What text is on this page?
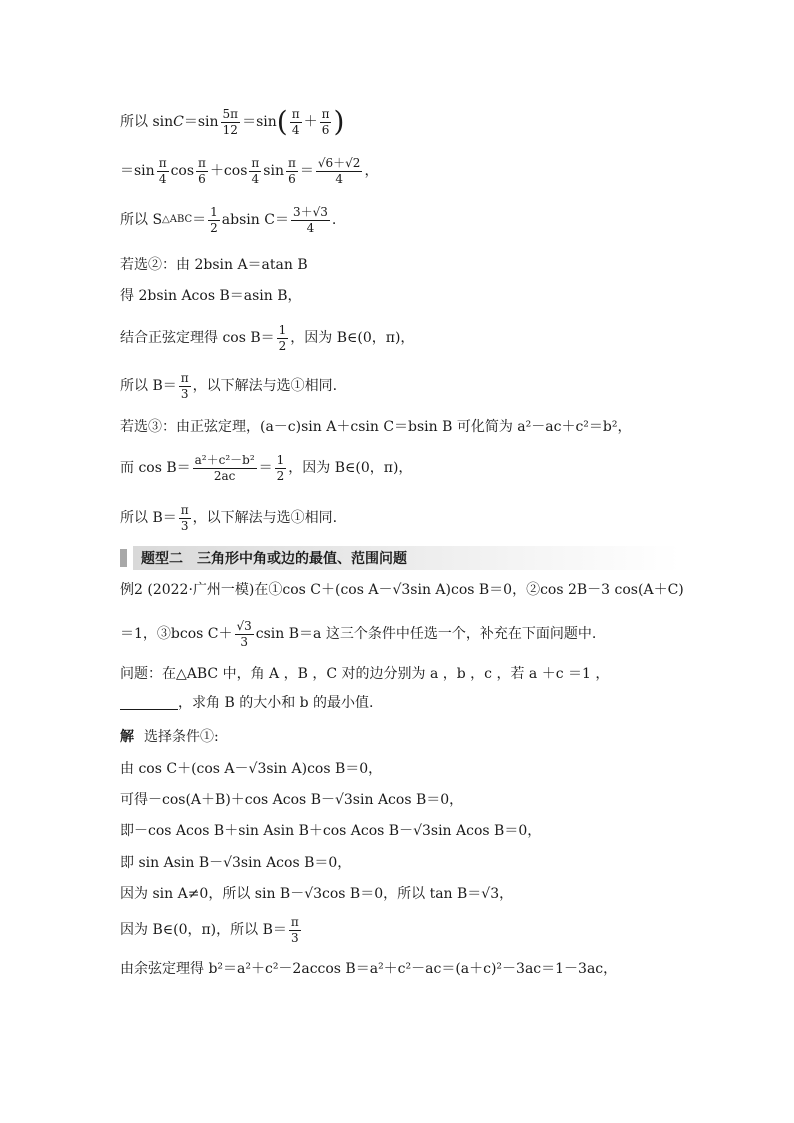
所以 $\sin C =\sin \frac{5\pi}{12} =\sin$ ( $\frac{\pi}{4} + \frac{\pi}{6}$ )
$=\sin \frac{\pi}{4}$ $\cos \frac{\pi}{6} +\cos \frac{\pi}{4}$ $\sin \frac{\pi}{6} = \frac{√6+√2}{4}$ ，
所以 S △ABC ＝ $\frac{1}{2}$ absin $C= \frac{3+√3}{4}$ .
若选②：由 2bsin A＝atan B
得 2bsin Acos B＝asin B，
结合正弦定理得 $\cos B= \frac{1}{2}$ ，因为 B∈(0，π)，
所以 $B= \frac{\pi}{3}$ ，以下解法与选①相同.
若选③：由正弦定理，(a－c)sin A＋csin C＝bsin B 可化简为 a²－ac＋c²＝b²，
而 $\cos B= \frac{\text{a²＋c²－b²}}{2ac} = \frac{1}{2}$ ，因为 B∈(0，π)，
所以 $B= \frac{\pi}{3}$ ，以下解法与选①相同.
题型二　三角形中角或边的最值、范围问题
例2 (2022·广州一模)在①cos C＋(cos A－√3sin A)cos B＝0，②cos 2B－3 cos(A＋C)
＝1，③bcos $C+ \frac{√3}{3}$ csin B＝a 这三个条件中任选一个，补充在下面问题中.
问题：在△ABC 中，角 A ，B ，C 对的边分别为 a ，b ，c ，若 a ＋c ＝1 ，
，求角 B 的大小和 b 的最小值.
解 选择条件①:
由 cos C＋(cos A－√3sin A)cos B＝0，
可得－cos(A＋B)＋cos Acos B－√3sin Acos B＝0，
即－cos Acos B＋sin Asin B＋cos Acos B－√3sin Acos B＝0，
即 sin Asin B－√3sin Acos B＝0，
因为 sin A≠0，所以 sin B－√3cos B＝0，所以 tan B＝√3，
因为 B∈(0，π)，所以 $B= \frac{\pi}{3}$
由余弦定理得 b²＝a²＋c²－2accos B＝a²＋c²－ac＝(a＋c)²－3ac＝1－3ac，
